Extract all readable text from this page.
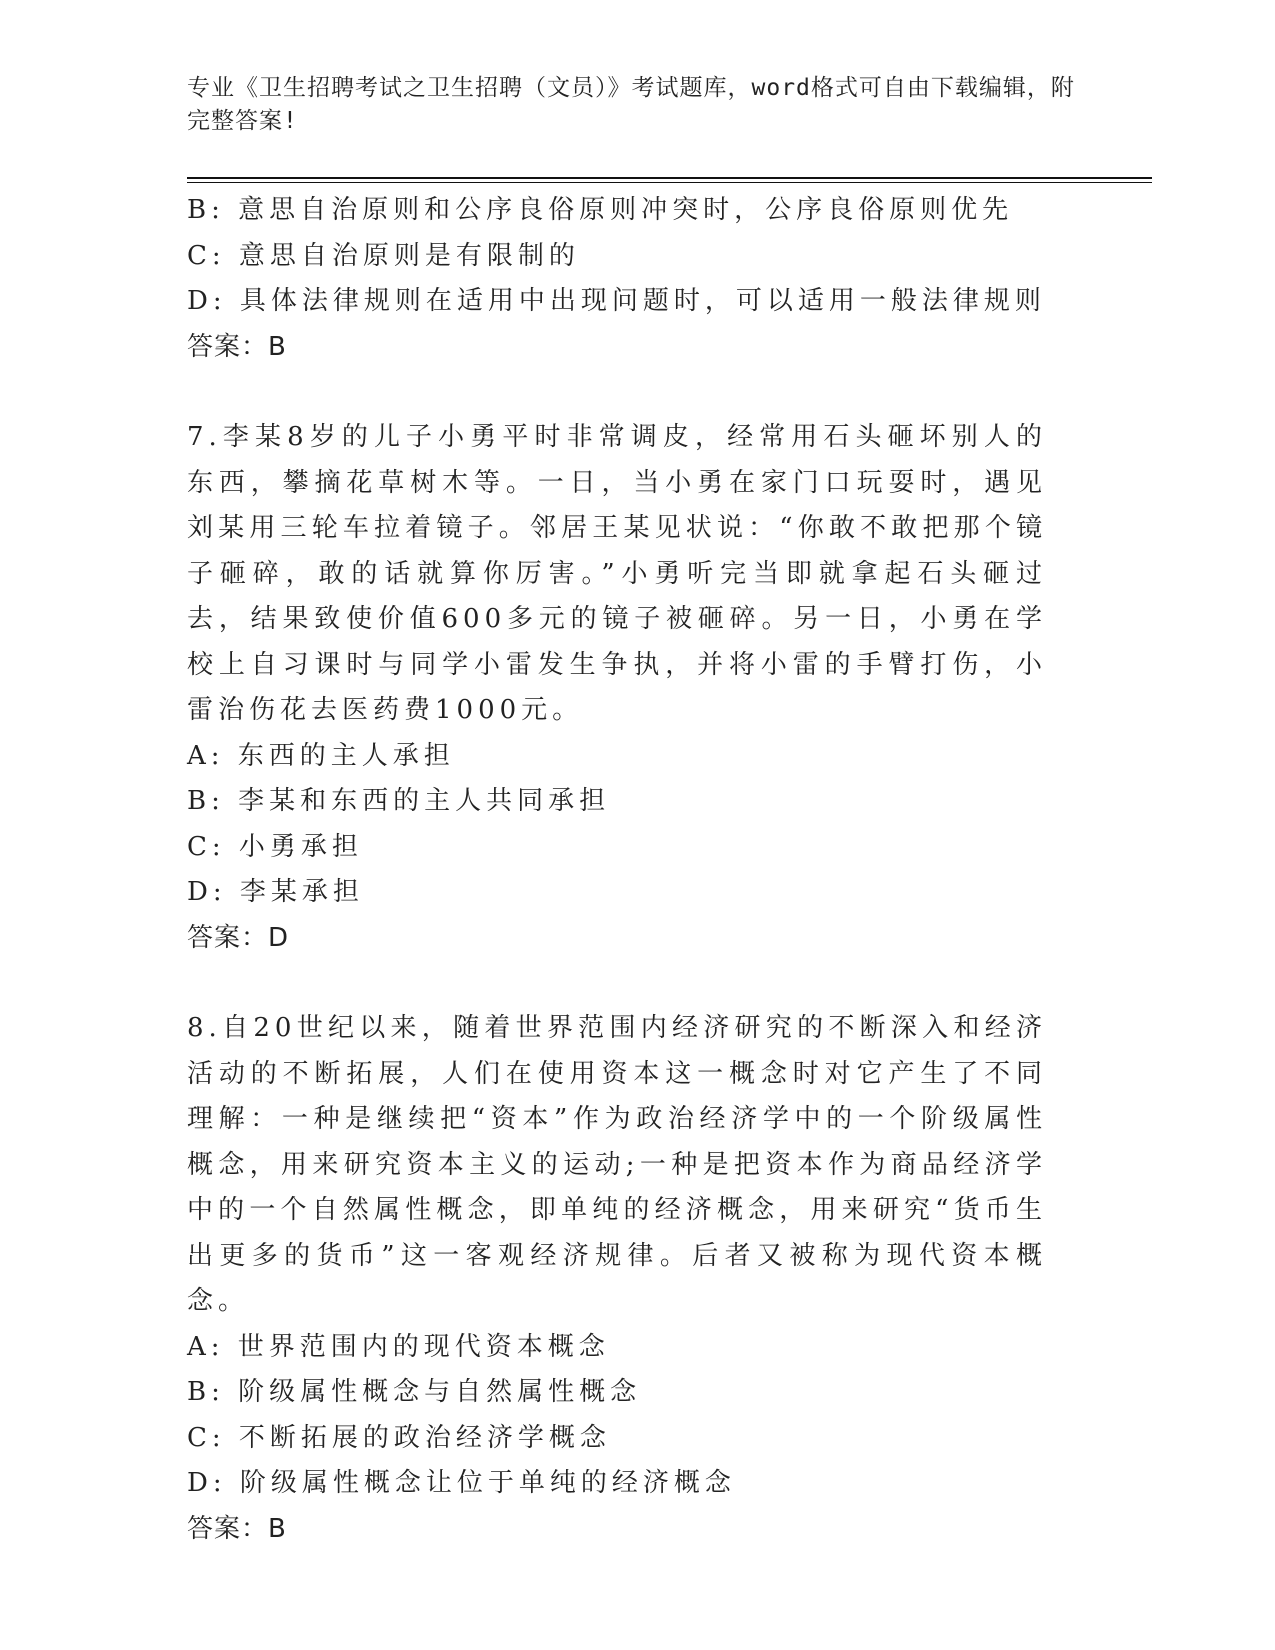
专业《卫生招聘考试之卫生招聘（文员）》考试题库，word格式可自由下载编辑，附完整答案!

B: 意思自治原则和公序良俗原则冲突时，公序良俗原则优先

C: 意思自治原则是有限制的

D: 具体法律规则在适用中出现问题时，可以适用一般法律规则

答案：B

7.李某8岁的儿子小勇平时非常调皮，经常用石头砸坏别人的东西，攀摘花草树木等。一日，当小勇在家门口玩耍时，遇见刘某用三轮车拉着镜子。邻居王某见状说：“你敢不敢把那个镜子砸碎，敢的话就算你厉害。”小勇听完当即就拿起石头砸过去，结果致使价值600多元的镜子被砸碎。另一日，小勇在学校上自习课时与同学小雷发生争执，并将小雷的手臂打伤，小雷治伤花去医药费1000元。

A: 东西的主人承担

B: 李某和东西的主人共同承担

C: 小勇承担

D: 李某承担

答案：D

8.自20世纪以来，随着世界范围内经济研究的不断深入和经济活动的不断拓展，人们在使用资本这一概念时对它产生了不同理解：一种是继续把“资本”作为政治经济学中的一个阶级属性概念，用来研究资本主义的运动;一种是把资本作为商品经济学中的一个自然属性概念，即单纯的经济概念，用来研究“货币生出更多的货币”这一客观经济规律。后者又被称为现代资本概念。

A: 世界范围内的现代资本概念

B: 阶级属性概念与自然属性概念

C: 不断拓展的政治经济学概念

D: 阶级属性概念让位于单纯的经济概念

答案：B
